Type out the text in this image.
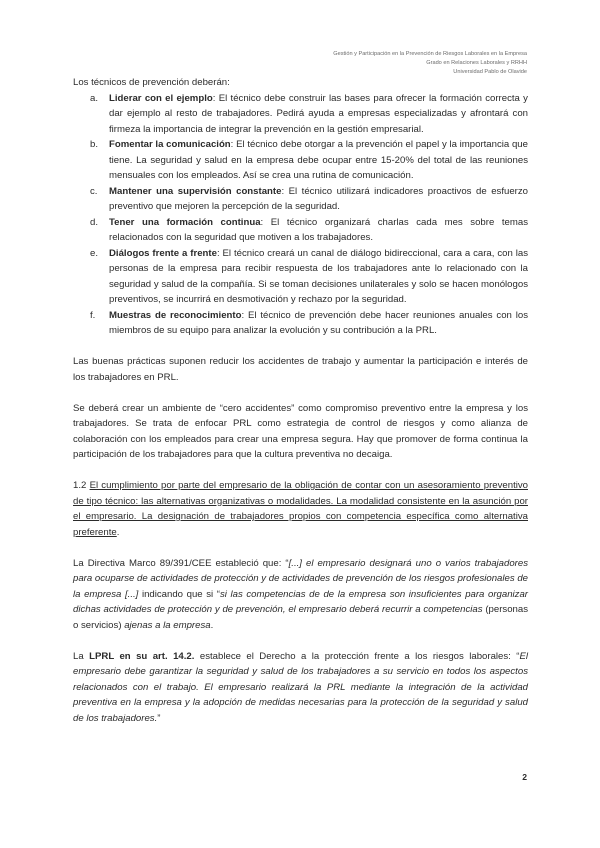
Gestión y Participación en la Prevención de Riesgos Laborales en la Empresa
Grado en Relaciones Laborales y RRHH
Universidad Pablo de Olavide

Los técnicos de prevención deberán:

a. Liderar con el ejemplo: El técnico debe construir las bases para ofrecer la formación correcta y dar ejemplo al resto de trabajadores. Pedirá ayuda a empresas especializadas y afrontará con firmeza la importancia de integrar la prevención en la gestión empresarial.
b. Fomentar la comunicación: El técnico debe otorgar a la prevención el papel y la importancia que tiene. La seguridad y salud en la empresa debe ocupar entre 15-20% del total de las reuniones mensuales con los empleados. Así se crea una rutina de comunicación.
c. Mantener una supervisión constante: El técnico utilizará indicadores proactivos de esfuerzo preventivo que mejoren la percepción de la seguridad.
d. Tener una formación continua: El técnico organizará charlas cada mes sobre temas relacionados con la seguridad que motiven a los trabajadores.
e. Diálogos frente a frente: El técnico creará un canal de diálogo bidireccional, cara a cara, con las personas de la empresa para recibir respuesta de los trabajadores ante lo relacionado con la seguridad y salud de la compañía. Si se toman decisiones unilaterales y solo se hacen monólogos preventivos, se incurrirá en desmotivación y rechazo por la seguridad.
f. Muestras de reconocimiento: El técnico de prevención debe hacer reuniones anuales con los miembros de su equipo para analizar la evolución y su contribución a la PRL.

Las buenas prácticas suponen reducir los accidentes de trabajo y aumentar la participación e interés de los trabajadores en PRL.

Se deberá crear un ambiente de “cero accidentes” como compromiso preventivo entre la empresa y los trabajadores. Se trata de enfocar PRL como estrategia de control de riesgos y como alianza de colaboración con los empleados para crear una empresa segura. Hay que promover de forma continua la participación de los trabajadores para que la cultura preventiva no decaiga.

1.2 El cumplimiento por parte del empresario de la obligación de contar con un asesoramiento preventivo de tipo técnico: las alternativas organizativas o modalidades. La modalidad consistente en la asunción por el empresario. La designación de trabajadores propios con competencia específica como alternativa preferente.

La Directiva Marco 89/391/CEE estableció que: “[...] el empresario designará uno o varios trabajadores para ocuparse de actividades de protección y de actividades de prevención de los riesgos profesionales de la empresa [...] indicando que si “si las competencias de de la empresa son insuficientes para organizar dichas actividades de protección y de prevención, el empresario deberá recurrir a competencias (personas o servicios) ajenas a la empresa.

La LPRL en su art. 14.2. establece el Derecho a la protección frente a los riesgos laborales: “El empresario debe garantizar la seguridad y salud de los trabajadores a su servicio en todos los aspectos relacionados con el trabajo. El empresario realizará la PRL mediante la integración de la actividad preventiva en la empresa y la adopción de medidas necesarias para la protección de la seguridad y salud de los trabajadores.”

2
